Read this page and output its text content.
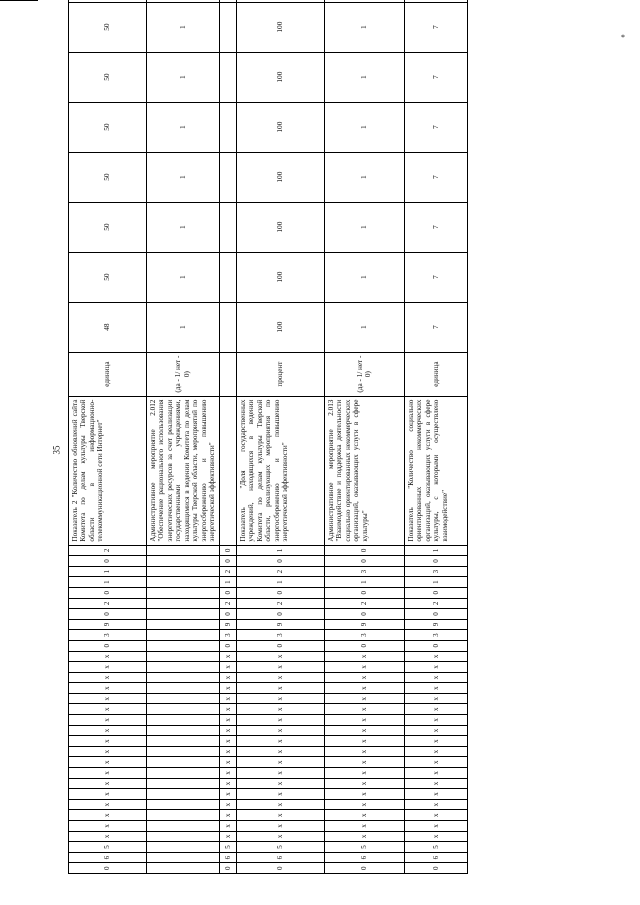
35
*
0	6	5	х	х	х	х	х	х	х	х	х	х	х	х	х	х	х	х	х	х	0	3	9	0	2	0	1	1	0	2	Показатель 2 "Количество обновлений сайта Комитета по делам культуры Тверской области в информационно-телекоммуникационной сети Интернет"	единица	48	50	50	50	50	50	50	
																															Административное мероприятие 2.012 "Обеспечение рационального использования энергетических ресурсов за счет реализации государственными учреждениями, находящимися в ведении Комитета по делам культуры Тверской области, мероприятий по энергосбережению и повышению энергетической эффективности"	(да - 1/ нет - 0)	1	1	1	1	1	1	1	
0	6	5	х	х	х	х	х	х	х	х	х	х	х	х	х	х	х	х	х	х	0	3	9	0	2	0	1	2	0	0										
0	6	5	х	х	х	х	х	х	х	х	х	х	х	х	х	х	х	х	х	х	0	3	9	0	2	0	1	2	0	1	Показатель "Доля государственных учреждений, находящихся в ведении Комитета по делам культуры Тверской области, реализующих мероприятия по энергосбережению и повышению энергетической эффективности"	процент	100	100	100	100	100	100	100	
0	6	5	х	х	х	х	х	х	х	х	х	х	х	х	х	х	х	х	х	х	0	3	9	0	2	0	1	3	0	0	Административное мероприятие 2.013 "Взаимодействие и поддержка деятельности социально ориентированных некоммерческих организаций, оказывающих услуги в сфере культуры"	(да - 1/ нет - 0)	1	1	1	1	1	1	1	
0	6	5	х	х	х	х	х	х	х	х	х	х	х	х	х	х	х	х	х	х	0	3	9	0	2	0	1	3	0	1	Показатель "Количество социально ориентированных некоммерческих организаций, оказывающих услуги в сфере культуры, с которыми осуществлено взаимодействие"	единица	7	7	7	7	7	7	7	
